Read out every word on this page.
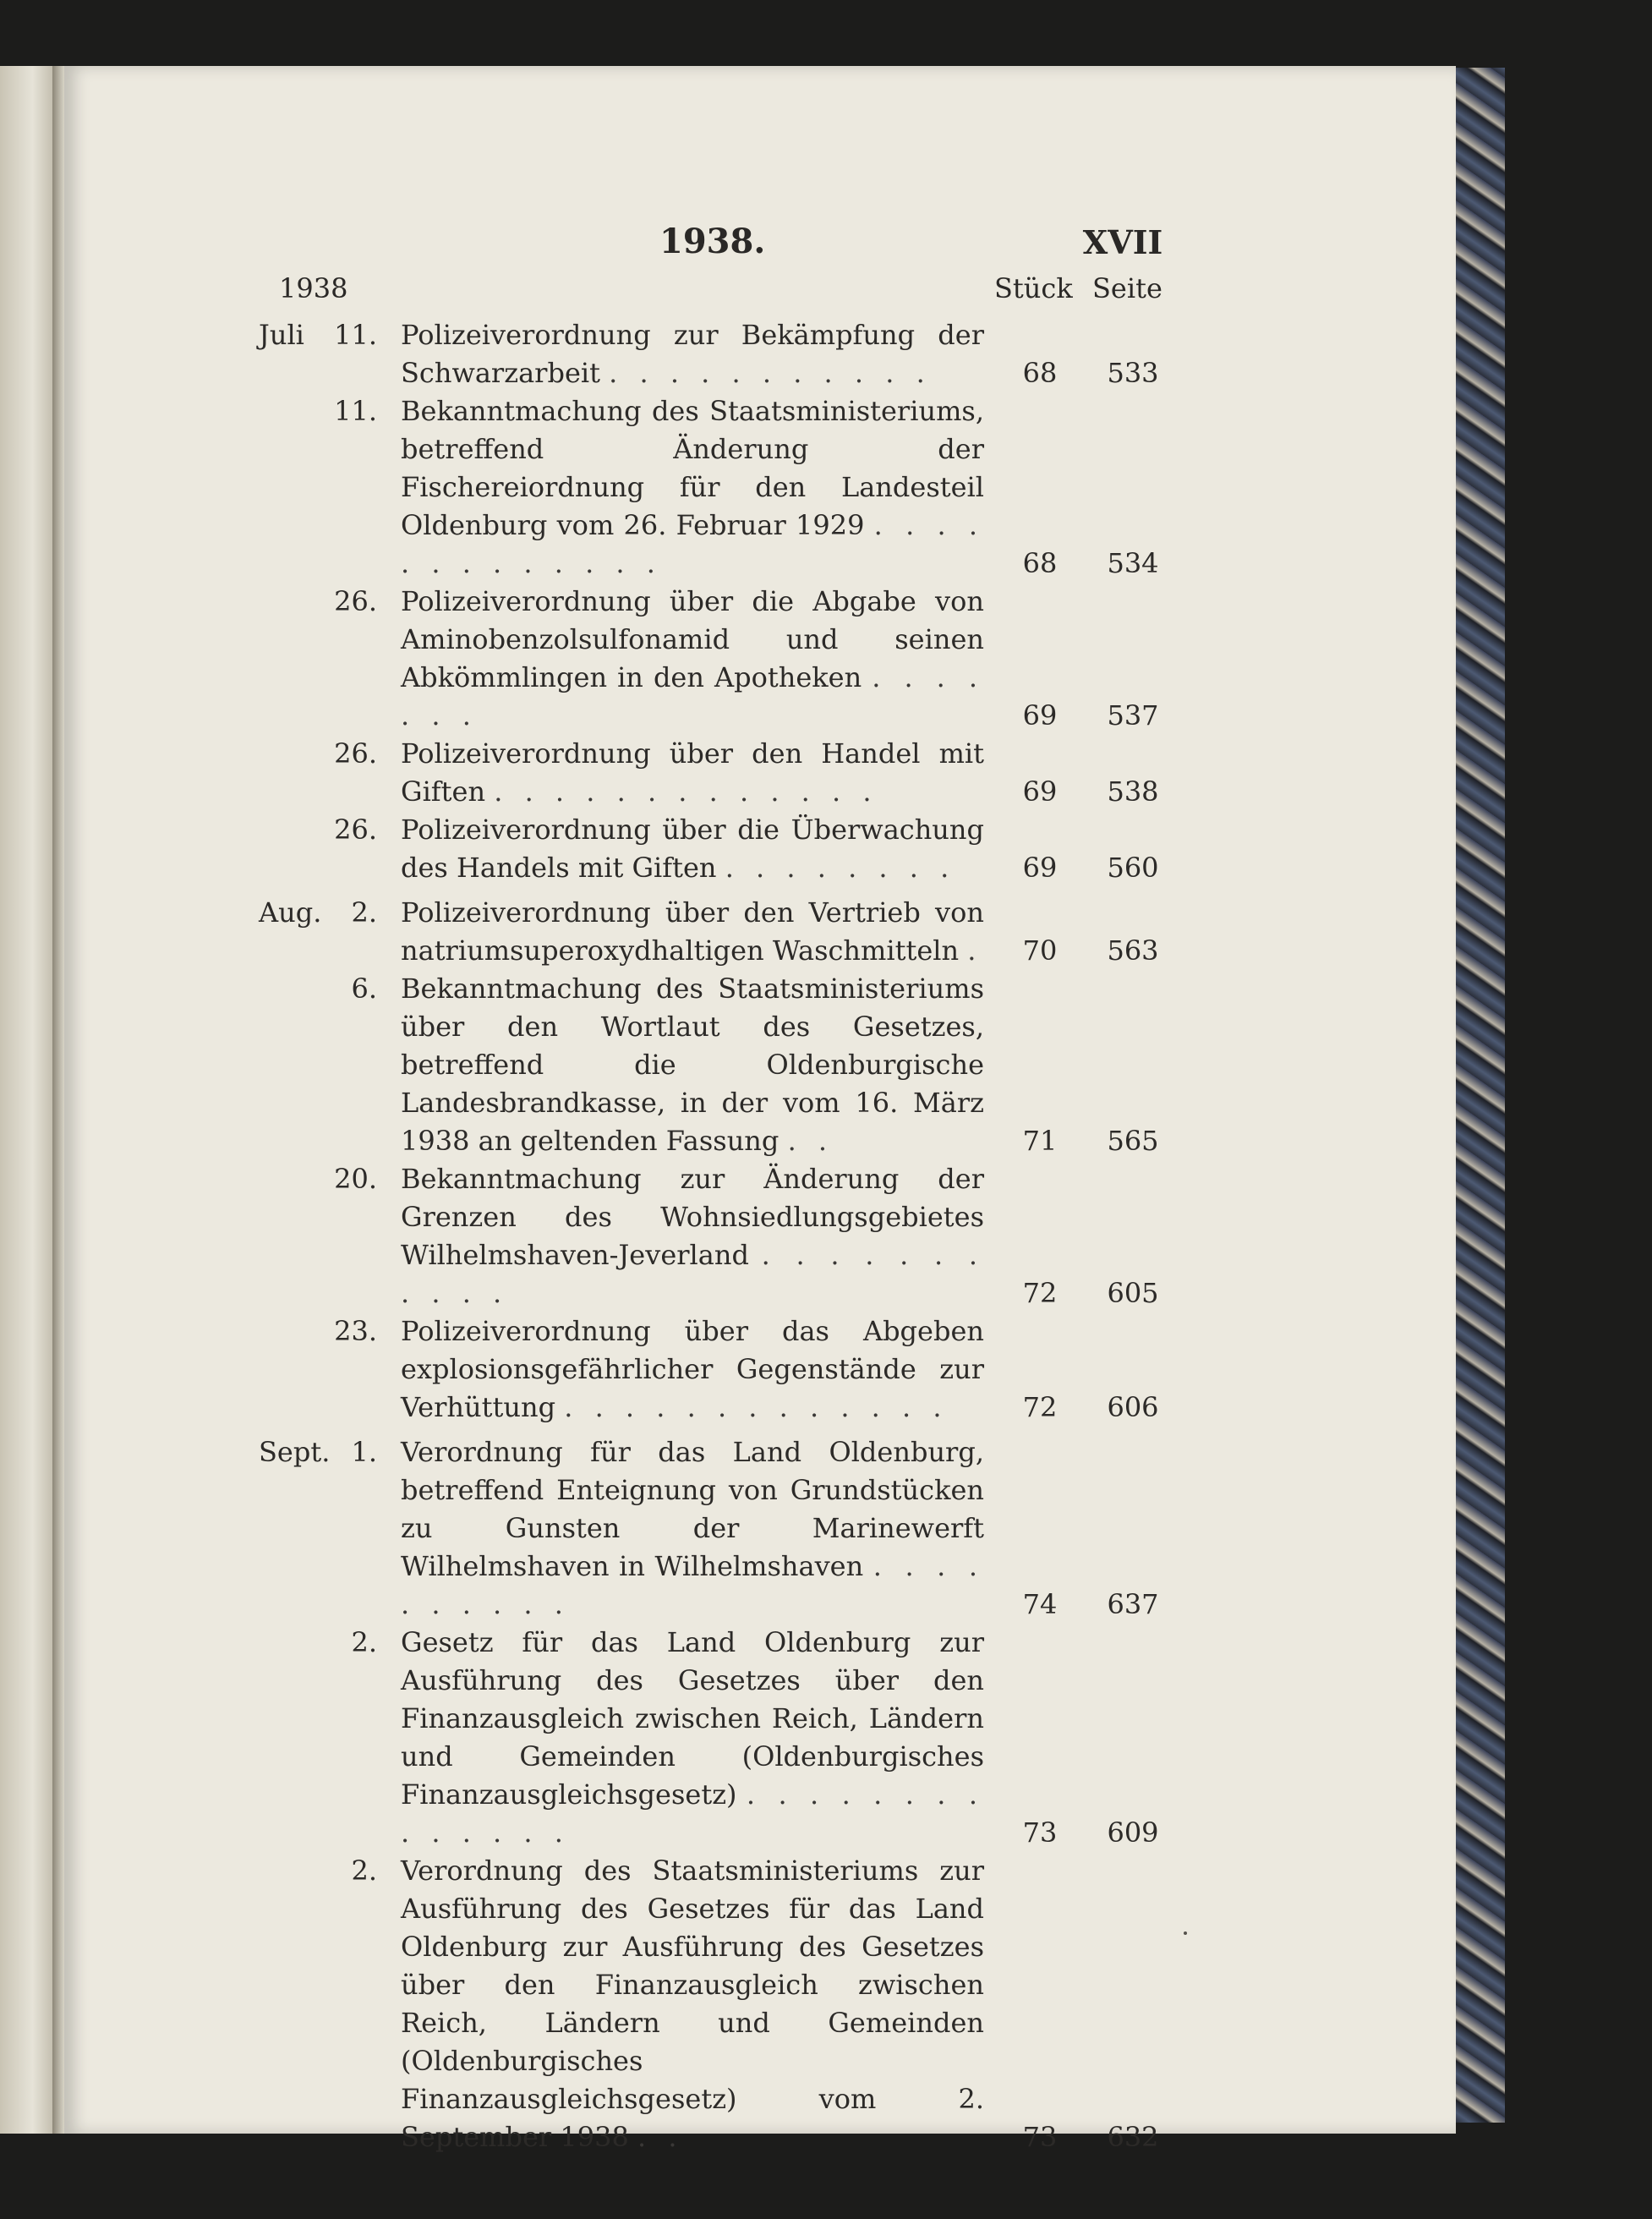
1938.	XVII
1938	Stück Seite
Juli	11. Polizeiverordnung zur Bekämpfung der Schwarzarbeit . . . . . . . . . . .	68	533
11. Bekanntmachung des Staatsministeriums, betreffend Änderung der Fischereiordnung für den Landesteil Oldenburg vom 26. Februar 1929 . . . . . . . . . . . . .	68	534
26. Polizeiverordnung über die Abgabe von Aminobenzolsulfonamid und seinen Abkömmlingen in den Apotheken . . . . . . .	69	537
26. Polizeiverordnung über den Handel mit Giften . . . . . . . . . . . . .	69	538
26. Polizeiverordnung über die Überwachung des Handels mit Giften . . . . . . . .	69	560
Aug.	2. Polizeiverordnung über den Vertrieb von natriumsuperoxydhaltigen Waschmitteln .	70	563
6. Bekanntmachung des Staatsministeriums über den Wortlaut des Gesetzes, betreffend die Oldenburgische Landesbrandkasse, in der vom 16. März 1938 an geltenden Fassung . .	71	565
20. Bekanntmachung zur Änderung der Grenzen des Wohnsiedlungsgebietes Wilhelmshaven-Jeverland . . . . . . . . . . .	72	605
23. Polizeiverordnung über das Abgeben explosionsgefährlicher Gegenstände zur Verhüttung . . . . . . . . . . . . .	72	606
Sept. 1. Verordnung für das Land Oldenburg, betreffend Enteignung von Grundstücken zu Gunsten der Marinewerft Wilhelmshaven in Wilhelmshaven . . . . . . . . . .	74	637
2. Gesetz für das Land Oldenburg zur Ausführung des Gesetzes über den Finanzausgleich zwischen Reich, Ländern und Gemeinden (Oldenburgisches Finanzausgleichsgesetz) . . . . . . . . . . . . . .	73	609
2. Verordnung des Staatsministeriums zur Ausführung des Gesetzes für das Land Oldenburg zur Ausführung des Gesetzes über den Finanzausgleich zwischen Reich, Ländern und Gemeinden (Oldenburgisches Finanzausgleichsgesetz) vom 2. September 1938 . .	73	632
